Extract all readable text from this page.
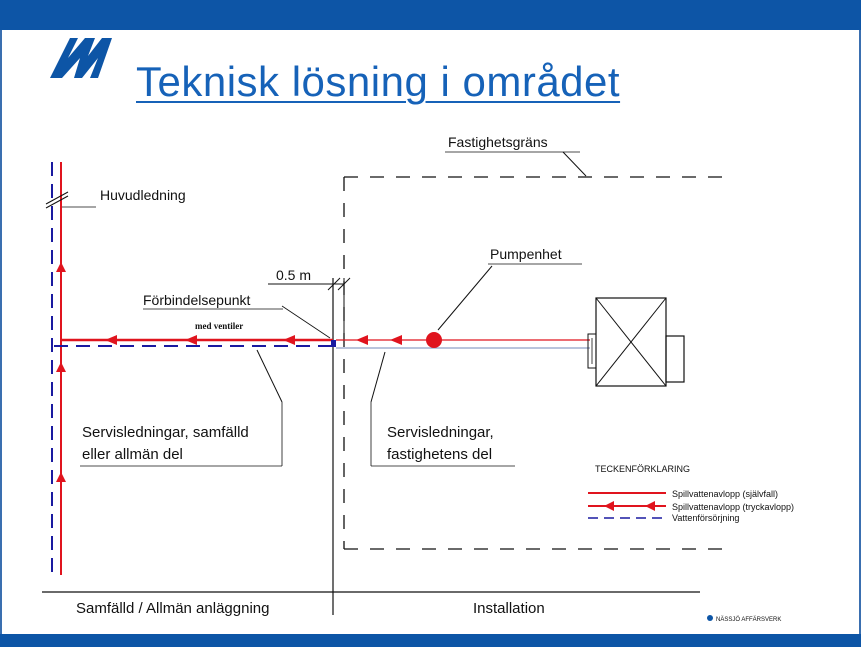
Teknisk lösning i området
Fastighetsgräns
Huvudledning
0.5 m
med ventiler
Förbindelsepunkt
Pumpenhet
Servisledningar, samfälld
eller allmän del
Servisledningar,
fastighetens del
TECKENFÖRKLARING
Spillvattenavlopp (självfall)
Spillvattenavlopp (tryckavlopp)
Vattenförsörjning
Samfälld / Allmän anläggning	Installation
NÄSSJÖ AFFÄRSVERK
